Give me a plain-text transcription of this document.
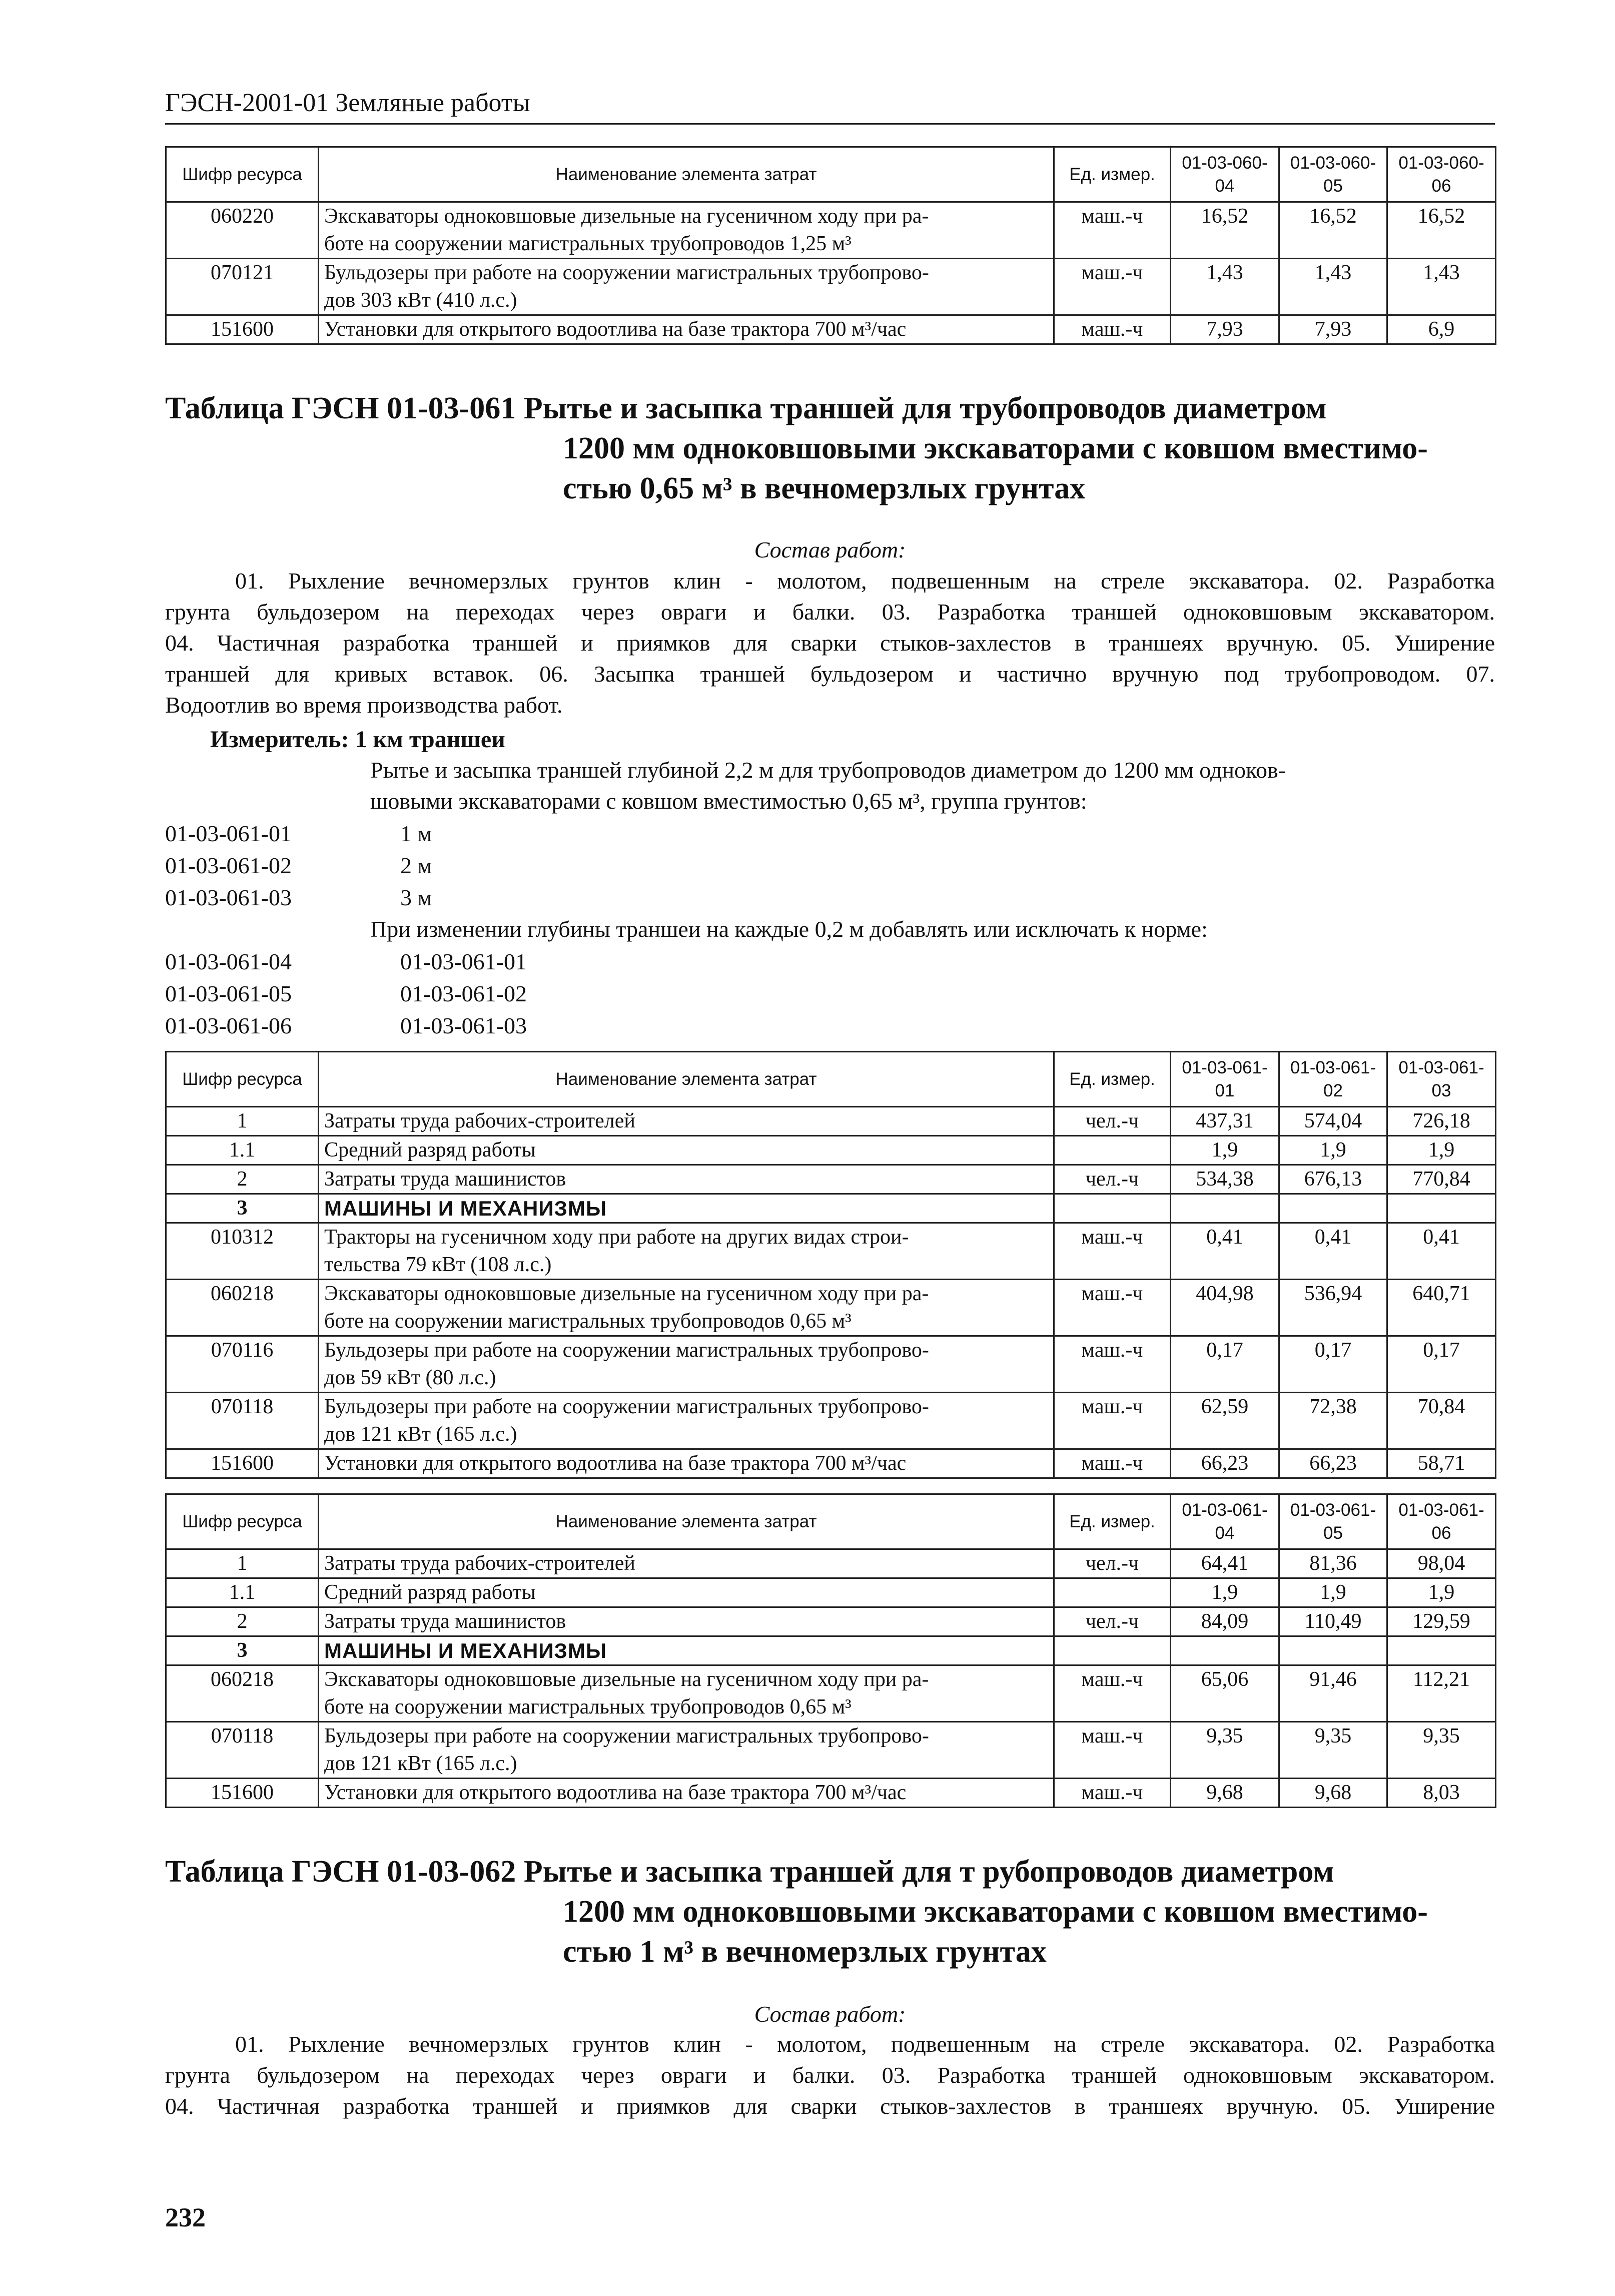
ГЭСН-2001-01 Земляные работы
Шифр ресурса	Наименование элемента затрат	Ед. измер.	01-03-060-04	01-03-060-05	01-03-060-06
060220	Экскаваторы одноковшовые дизельные на гусеничном ходу при ра-
боте на сооружении магистральных трубопроводов 1,25 м³	маш.-ч	16,52	16,52	16,52
070121	Бульдозеры при работе на сооружении магистральных трубопрово-
дов 303 кВт (410 л.с.)	маш.-ч	1,43	1,43	1,43
151600	Установки для открытого водоотлива на базе трактора 700 м³/час	маш.-ч	7,93	7,93	6,9
Таблица ГЭСН 01-03-061 Рытье и засыпка траншей для трубопроводов диаметром
1200 мм одноковшовыми экскаваторами с ковшом вместимо-
стью 0,65 м³ в вечномерзлых грунтах
Состав работ:
01. Рыхление вечномерзлых грунтов клин - молотом, подвешенным на стреле экскаватора. 02. Разработка
грунта бульдозером на переходах через овраги и балки. 03. Разработка траншей одноковшовым экскаватором.
04. Частичная разработка траншей и приямков для сварки стыков-захлестов в траншеях вручную. 05. Уширение
траншей для кривых вставок. 06. Засыпка траншей бульдозером и частично вручную под трубопроводом. 07.
Водоотлив во время производства работ.
Измеритель: 1 км траншеи
Рытье и засыпка траншей глубиной 2,2 м для трубопроводов диаметром до 1200 мм одноков-
шовыми экскаваторами с ковшом вместимостью 0,65 м³, группа грунтов:
01-03-061-01	1 м
01-03-061-02	2 м
01-03-061-03	3 м
При изменении глубины траншеи на каждые 0,2 м добавлять или исключать к норме:
01-03-061-04	01-03-061-01
01-03-061-05	01-03-061-02
01-03-061-06	01-03-061-03
Шифр ресурса	Наименование элемента затрат	Ед. измер.	01-03-061-01	01-03-061-02	01-03-061-03
1	Затраты труда рабочих-строителей	чел.-ч	437,31	574,04	726,18
1.1	Средний разряд работы		1,9	1,9	1,9
2	Затраты труда машинистов	чел.-ч	534,38	676,13	770,84
3	МАШИНЫ И МЕХАНИЗМЫ				
010312	Тракторы на гусеничном ходу при работе на других видах строи-
тельства 79 кВт (108 л.с.)	маш.-ч	0,41	0,41	0,41
060218	Экскаваторы одноковшовые дизельные на гусеничном ходу при ра-
боте на сооружении магистральных трубопроводов 0,65 м³	маш.-ч	404,98	536,94	640,71
070116	Бульдозеры при работе на сооружении магистральных трубопрово-
дов 59 кВт (80 л.с.)	маш.-ч	0,17	0,17	0,17
070118	Бульдозеры при работе на сооружении магистральных трубопрово-
дов 121 кВт (165 л.с.)	маш.-ч	62,59	72,38	70,84
151600	Установки для открытого водоотлива на базе трактора 700 м³/час	маш.-ч	66,23	66,23	58,71
Шифр ресурса	Наименование элемента затрат	Ед. измер.	01-03-061-04	01-03-061-05	01-03-061-06
1	Затраты труда рабочих-строителей	чел.-ч	64,41	81,36	98,04
1.1	Средний разряд работы		1,9	1,9	1,9
2	Затраты труда машинистов	чел.-ч	84,09	110,49	129,59
3	МАШИНЫ И МЕХАНИЗМЫ				
060218	Экскаваторы одноковшовые дизельные на гусеничном ходу при ра-
боте на сооружении магистральных трубопроводов 0,65 м³	маш.-ч	65,06	91,46	112,21
070118	Бульдозеры при работе на сооружении магистральных трубопрово-
дов 121 кВт (165 л.с.)	маш.-ч	9,35	9,35	9,35
151600	Установки для открытого водоотлива на базе трактора 700 м³/час	маш.-ч	9,68	9,68	8,03
Таблица ГЭСН 01-03-062 Рытье и засыпка траншей для т рубопроводов диаметром
1200 мм одноковшовыми экскаваторами с ковшом вместимо-
стью 1 м³ в вечномерзлых грунтах
Состав работ:
01. Рыхление вечномерзлых грунтов клин - молотом, подвешенным на стреле экскаватора. 02. Разработка
грунта бульдозером на переходах через овраги и балки. 03. Разработка траншей одноковшовым экскаватором.
04. Частичная разработка траншей и приямков для сварки стыков-захлестов в траншеях вручную. 05. Уширение
232
